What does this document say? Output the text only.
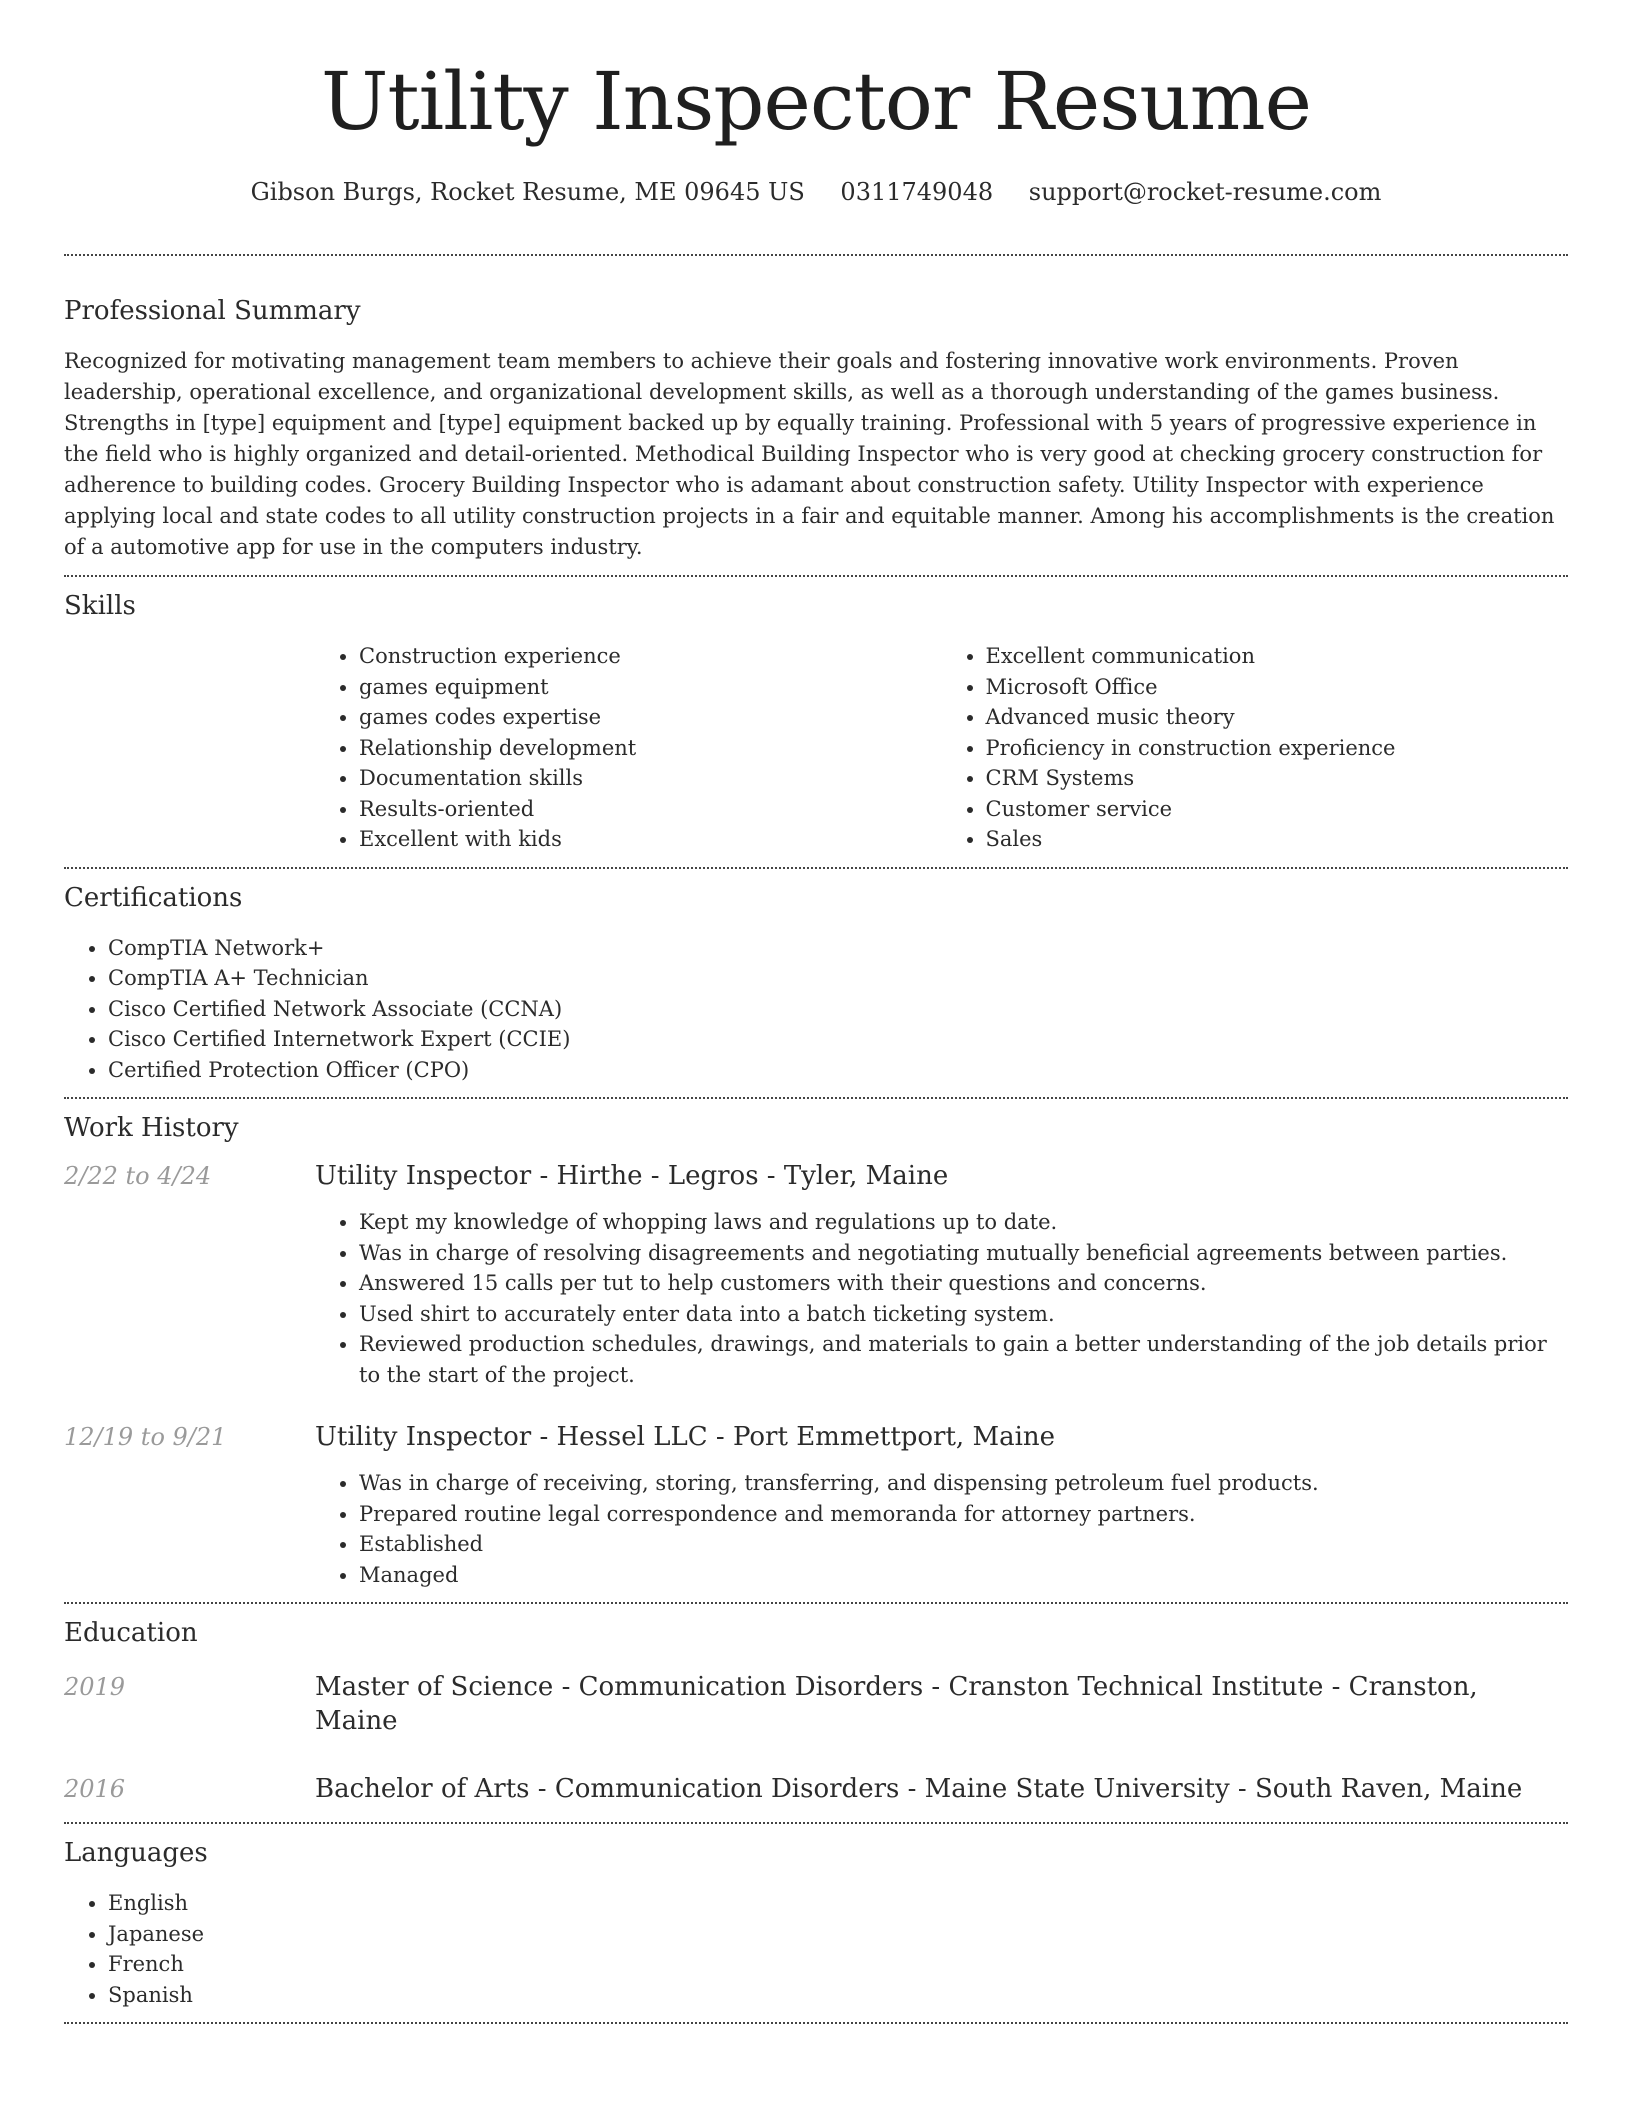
Utility Inspector Resume
Gibson Burgs, Rocket Resume, ME 09645 US 0311749048 support@rocket-resume.com
Professional Summary
Recognized for motivating management team members to achieve their goals and fostering innovative work environments. Proven leadership, operational excellence, and organizational development skills, as well as a thorough understanding of the games business. Strengths in [type] equipment and [type] equipment backed up by equally training. Professional with 5 years of progressive experience in the field who is highly organized and detail-oriented. Methodical Building Inspector who is very good at checking grocery construction for adherence to building codes. Grocery Building Inspector who is adamant about construction safety. Utility Inspector with experience applying local and state codes to all utility construction projects in a fair and equitable manner. Among his accomplishments is the creation of a automotive app for use in the computers industry.
Skills
• Construction experience
• games equipment
• games codes expertise
• Relationship development
• Documentation skills
• Results-oriented
• Excellent with kids
• Excellent communication
• Microsoft Office
• Advanced music theory
• Proficiency in construction experience
• CRM Systems
• Customer service
• Sales
Certifications
• CompTIA Network+
• CompTIA A+ Technician
• Cisco Certified Network Associate (CCNA)
• Cisco Certified Internetwork Expert (CCIE)
• Certified Protection Officer (CPO)
Work History
2/22 to 4/24	Utility Inspector - Hirthe - Legros - Tyler, Maine
• Kept my knowledge of whopping laws and regulations up to date.
• Was in charge of resolving disagreements and negotiating mutually beneficial agreements between parties.
• Answered 15 calls per tut to help customers with their questions and concerns.
• Used shirt to accurately enter data into a batch ticketing system.
• Reviewed production schedules, drawings, and materials to gain a better understanding of the job details prior to the start of the project.
12/19 to 9/21	Utility Inspector - Hessel LLC - Port Emmettport, Maine
• Was in charge of receiving, storing, transferring, and dispensing petroleum fuel products.
• Prepared routine legal correspondence and memoranda for attorney partners.
• Established
• Managed
Education
2019	Master of Science - Communication Disorders - Cranston Technical Institute - Cranston, Maine
2016	Bachelor of Arts - Communication Disorders - Maine State University - South Raven, Maine
Languages
• English
• Japanese
• French
• Spanish
